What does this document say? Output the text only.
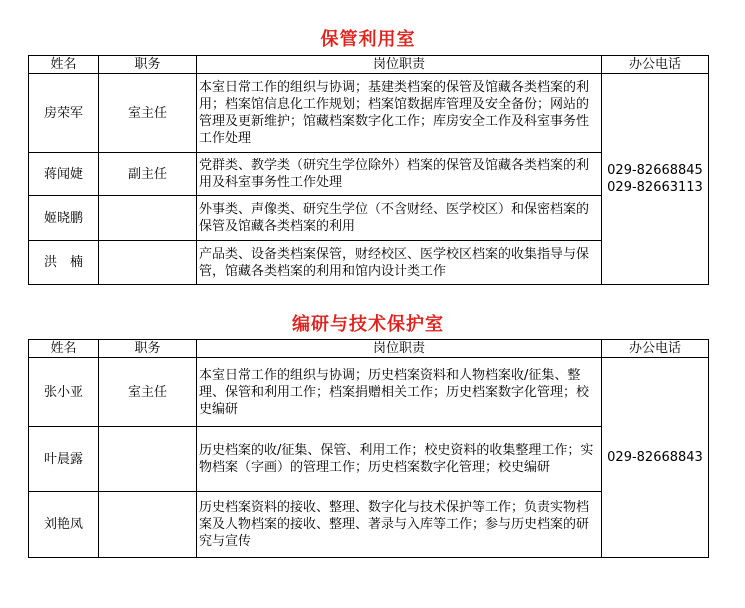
保管利用室
姓名	职务	岗位职责	办公电话
房荣军	室主任	本室日常工作的组织与协调；基建类档案的保管及馆藏各类档案的利用；档案馆信息化工作规划；档案馆数据库管理及安全备份；网站的管理及更新维护；馆藏档案数字化工作；库房安全工作及科室事务性工作处理	029-82668845
029-82663113

蒋闻婕	副主任	党群类、教学类（研究生学位除外）档案的保管及馆藏各类档案的利用及科室事务性工作处理	
姬晓鹏		外事类、声像类、研究生学位（不含财经、医学校区）和保密档案的保管及馆藏各类档案的利用	
洪　楠		产品类、设备类档案保管，财经校区、医学校区档案的收集指导与保管，馆藏各类档案的利用和馆内设计类工作	
编研与技术保护室
姓名	职务	岗位职责	办公电话
张小亚	室主任	本室日常工作的组织与协调；历史档案资料和人物档案收/征集、整理、保管和利用工作；档案捐赠相关工作；历史档案数字化管理；校史编研	029-82668843

叶晨露		历史档案的收/征集、保管、利用工作；校史资料的收集整理工作；实物档案（字画）的管理工作；历史档案数字化管理；校史编研	
刘艳凤		历史档案资料的接收、整理、数字化与技术保护等工作；负责实物档案及人物档案的接收、整理、著录与入库等工作；参与历史档案的研究与宣传	
